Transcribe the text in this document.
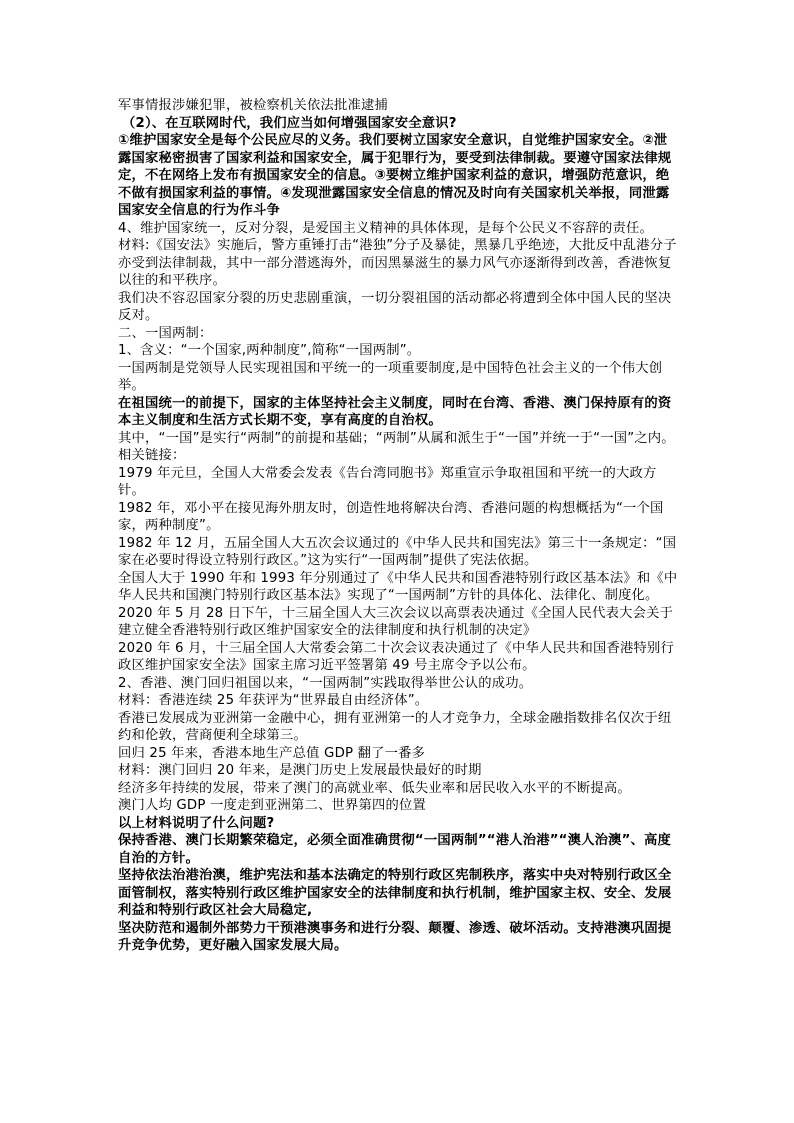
军事情报涉嫌犯罪，被检察机关依法批准逮捕

（2）、在互联网时代，我们应当如何增强国家安全意识?

①维护国家安全是每个公民应尽的义务。我们要树立国家安全意识，自觉维护国家安全。②泄露国家秘密损害了国家利益和国家安全，属于犯罪行为，要受到法律制裁。要遵守国家法律规定，不在网络上发布有损国家安全的信息。③要树立维护国家利益的意识，增强防范意识，绝不做有损国家利益的事情。④发现泄露国家安全信息的情况及时向有关国家机关举报，同泄露国家安全信息的行为作斗争

4、维护国家统一，反对分裂，是爱国主义精神的具体体现，是每个公民义不容辞的责任。

材料:《国安法》实施后，警方重锤打击“港独”分子及暴徒，黑暴几乎绝迹，大批反中乱港分子亦受到法律制裁，其中一部分潜逃海外，而因黑暴滋生的暴力风气亦逐渐得到改善，香港恢复以往的和平秩序。

我们决不容忍国家分裂的历史悲剧重演，一切分裂祖国的活动都必将遭到全体中国人民的坚决反对。

二、一国两制：

1、含义：“一个国家,两种制度”,简称“一国两制”。

一国两制是党领导人民实现祖国和平统一的一项重要制度,是中国特色社会主义的一个伟大创举。

在祖国统一的前提下，国家的主体坚持社会主义制度，同时在台湾、香港、澳门保持原有的资本主义制度和生活方式长期不变，享有高度的自治权。

其中，“一国”是实行“两制”的前提和基础；“两制”从属和派生于“一国”并统一于“一国”之内。

相关链接：

1979 年元旦，全国人大常委会发表《告台湾同胞书》郑重宣示争取祖国和平统一的大政方针。

1982 年，邓小平在接见海外朋友时，创造性地将解决台湾、香港问题的构想概括为“一个国家，两种制度”。

1982 年 12 月，五届全国人大五次会议通过的《中华人民共和国宪法》第三十一条规定：“国家在必要时得设立特别行政区。”这为实行“一国两制”提供了宪法依据。

全国人大于 1990 年和 1993 年分别通过了《中华人民共和国香港特别行政区基本法》和《中华人民共和国澳门特别行政区基本法》实现了“一国两制”方针的具体化、法律化、制度化。

2020 年 5 月 28 日下午，十三届全国人大三次会议以高票表决通过《全国人民代表大会关于建立健全香港特别行政区维护国家安全的法律制度和执行机制的决定》

2020 年 6 月，十三届全国人大常委会第二十次会议表决通过了《中华人民共和国香港特别行政区维护国家安全法》国家主席习近平签署第 49 号主席令予以公布。

2、香港、澳门回归祖国以来，“一国两制”实践取得举世公认的成功。

材料：香港连续 25 年获评为“世界最自由经济体”。

香港已发展成为亚洲第一金融中心，拥有亚洲第一的人才竞争力，全球金融指数排名仅次于纽约和伦敦，营商便利全球第三。

回归 25 年来，香港本地生产总值 GDP 翻了一番多

材料：澳门回归 20 年来，是澳门历史上发展最快最好的时期

经济多年持续的发展，带来了澳门的高就业率、低失业率和居民收入水平的不断提高。

澳门人均 GDP 一度走到亚洲第二、世界第四的位置

以上材料说明了什么问题?

保持香港、澳门长期繁荣稳定，必须全面准确贯彻“一国两制”“港人治港”“澳人治澳”、高度自治的方针。

坚持依法治港治澳，维护宪法和基本法确定的特别行政区宪制秩序，落实中央对特别行政区全面管制权，落实特别行政区维护国家安全的法律制度和执行机制，维护国家主权、安全、发展利益和特别行政区社会大局稳定,

坚决防范和遏制外部势力干预港澳事务和进行分裂、颠覆、渗透、破坏活动。支持港澳巩固提升竞争优势，更好融入国家发展大局。
